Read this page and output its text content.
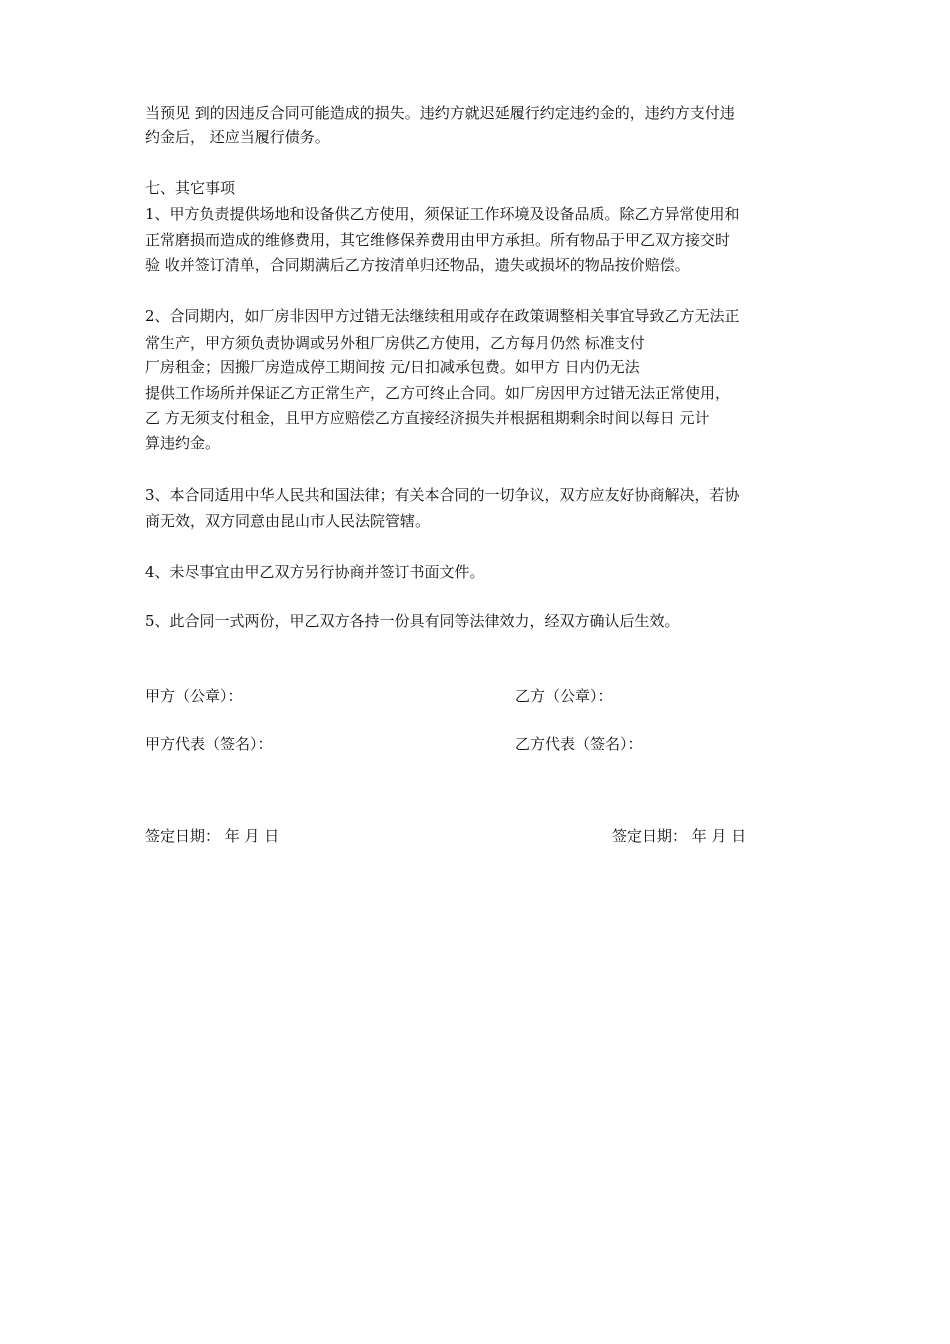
当预见 到的因违反合同可能造成的损失。违约方就迟延履行约定违约金的，违约方支付违
约金后， 还应当履行债务。
七、其它事项
1、甲方负责提供场地和设备供乙方使用，须保证工作环境及设备品质。除乙方异常使用和
正常磨损而造成的维修费用，其它维修保养费用由甲方承担。所有物品于甲乙双方接交时
验 收并签订清单，合同期满后乙方按清单归还物品，遗失或损坏的物品按价赔偿。
2、合同期内，如厂房非因甲方过错无法继续租用或存在政策调整相关事宜导致乙方无法正
常生产，甲方须负责协调或另外租厂房供乙方使用，乙方每月仍然 标准支付
厂房租金；因搬厂房造成停工期间按 元/日扣减承包费。如甲方 日内仍无法
提供工作场所并保证乙方正常生产，乙方可终止合同。如厂房因甲方过错无法正常使用，
乙 方无须支付租金，且甲方应赔偿乙方直接经济损失并根据租期剩余时间以每日 元计
算违约金。
3、本合同适用中华人民共和国法律；有关本合同的一切争议，双方应友好协商解决，若协
商无效，双方同意由昆山市人民法院管辖。
4、未尽事宜由甲乙双方另行协商并签订书面文件。
5、此合同一式两份，甲乙双方各持一份具有同等法律效力，经双方确认后生效。
甲方（公章）：	乙方（公章）：
甲方代表（签名）：	乙方代表（签名）：
签定日期： 年 月 日	签定日期： 年 月 日
